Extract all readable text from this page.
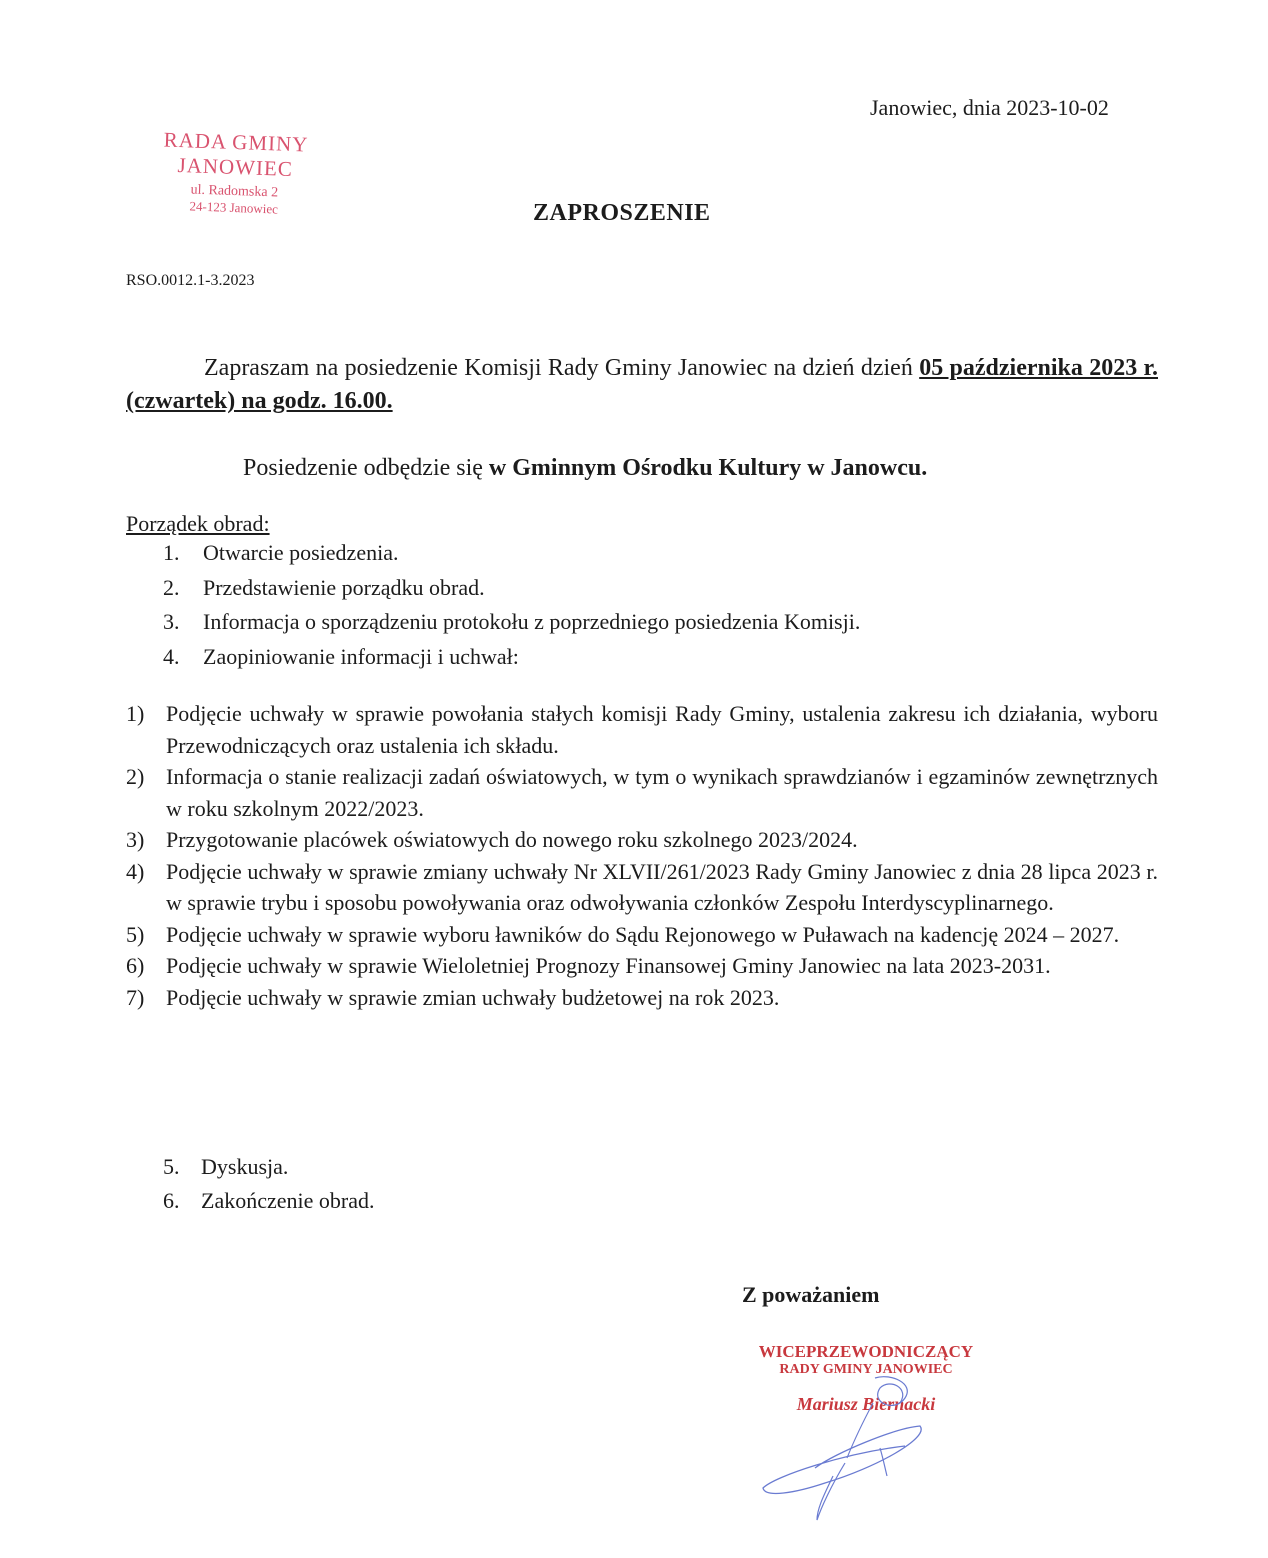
Janowiec, dnia 2023-10-02
RADA GMINY
JANOWIEC
ul. Radomska 2
24-123 Janowiec	ZAPROSZENIE
RSO.0012.1-3.2023
Zapraszam na posiedzenie Komisji Rady Gminy Janowiec na dzień dzień 05 października 2023 r. (czwartek) na godz. 16.00.
Posiedzenie odbędzie się w Gminnym Ośrodku Kultury w Janowcu.
Porządek obrad:
1.	Otwarcie posiedzenia.
2.	Przedstawienie porządku obrad.
3.	Informacja o sporządzeniu protokołu z poprzedniego posiedzenia Komisji.
4.	Zaopiniowanie informacji i uchwał:
1) Podjęcie uchwały w sprawie powołania stałych komisji Rady Gminy, ustalenia zakresu ich działania, wyboru Przewodniczących oraz ustalenia ich składu.
2) Informacja o stanie realizacji zadań oświatowych, w tym o wynikach sprawdzianów i egzaminów zewnętrznych w roku szkolnym 2022/2023.
3) Przygotowanie placówek oświatowych do nowego roku szkolnego 2023/2024.
4) Podjęcie uchwały w sprawie zmiany uchwały Nr XLVII/261/2023 Rady Gminy Janowiec z dnia 28 lipca 2023 r. w sprawie trybu i sposobu powoływania oraz odwoływania członków Zespołu Interdyscyplinarnego.
5) Podjęcie uchwały w sprawie wyboru ławników do Sądu Rejonowego w Puławach na kadencję 2024 – 2027.
6) Podjęcie uchwały w sprawie Wieloletniej Prognozy Finansowej Gminy Janowiec na lata 2023-2031.
7) Podjęcie uchwały w sprawie zmian uchwały budżetowej na rok 2023.
5. Dyskusja.
6. Zakończenie obrad.
Z poważaniem
WICEPRZEWODNICZĄCY
RADY GMINY JANOWIEC
Mariusz Biernacki
